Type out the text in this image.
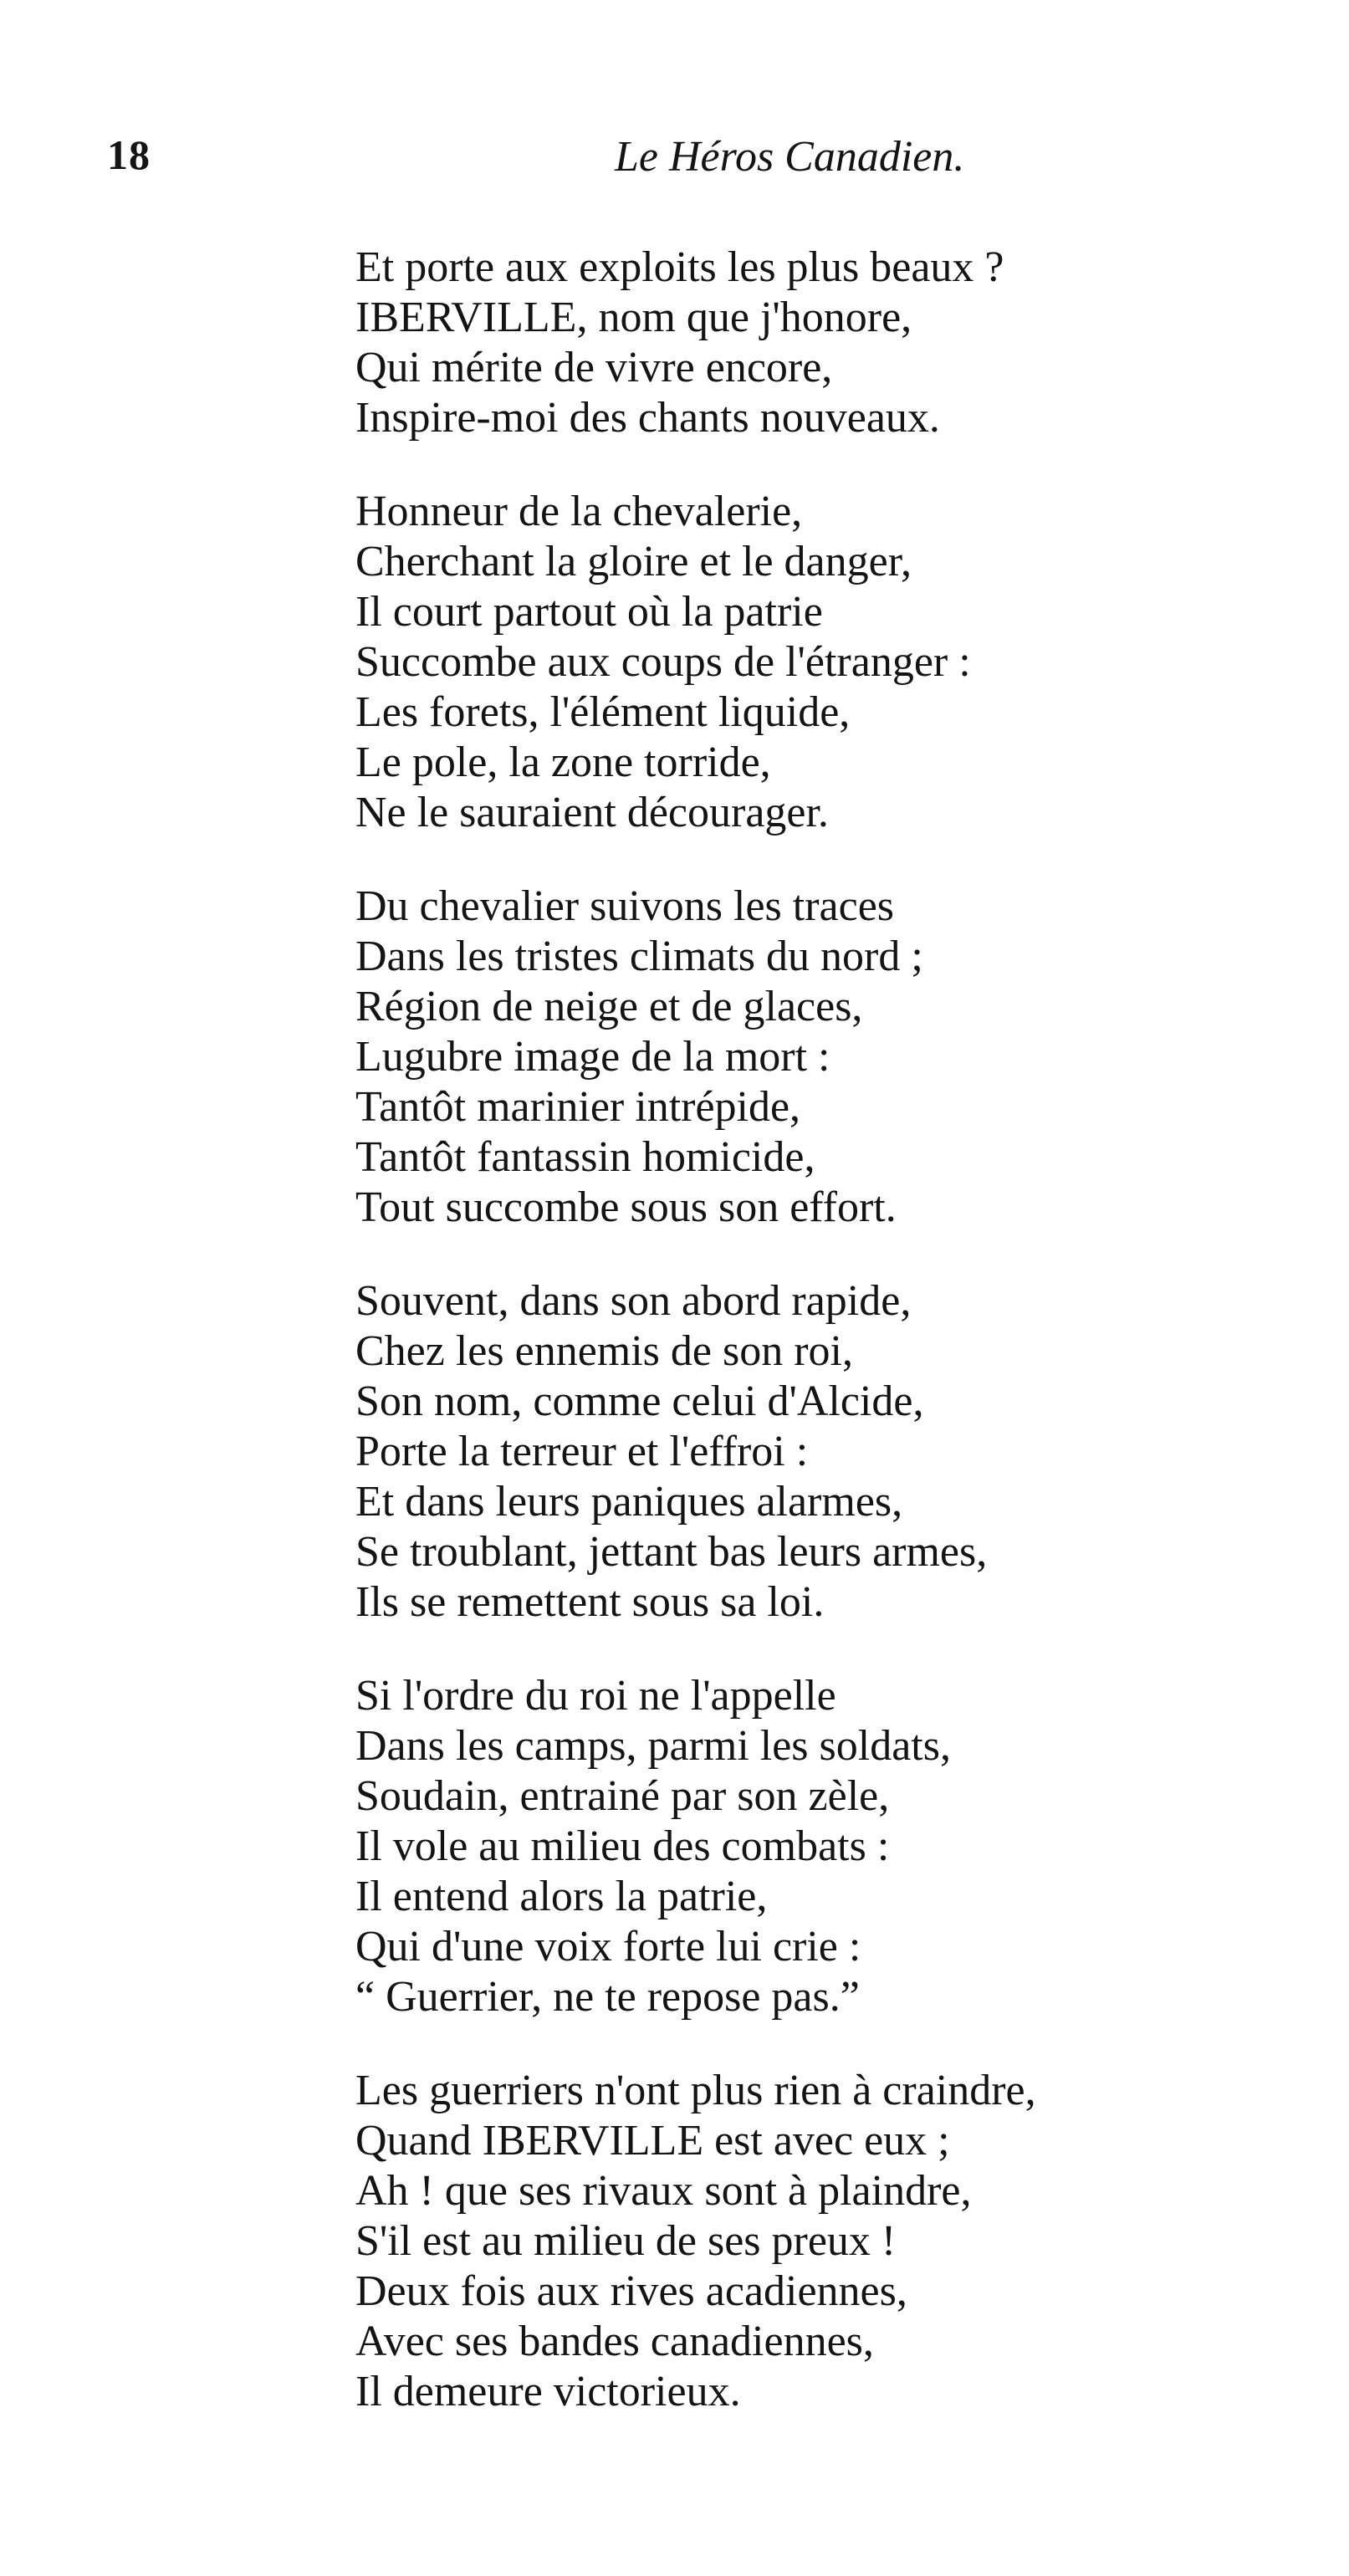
18	Le Héros Canadien.
Et porte aux exploits les plus beaux ?
IBERVILLE, nom que j'honore,
Qui mérite de vivre encore,
Inspire-moi des chants nouveaux.
Honneur de la chevalerie,
Cherchant la gloire et le danger,
Il court partout où la patrie
Succombe aux coups de l'étranger :
Les forets, l'élément liquide,
Le pole, la zone torride,
Ne le sauraient décourager.
Du chevalier suivons les traces
Dans les tristes climats du nord ;
Région de neige et de glaces,
Lugubre image de la mort :
Tantôt marinier intrépide,
Tantôt fantassin homicide,
Tout succombe sous son effort.
Souvent, dans son abord rapide,
Chez les ennemis de son roi,
Son nom, comme celui d'Alcide,
Porte la terreur et l'effroi :
Et dans leurs paniques alarmes,
Se troublant, jettant bas leurs armes,
Ils se remettent sous sa loi.
Si l'ordre du roi ne l'appelle
Dans les camps, parmi les soldats,
Soudain, entrainé par son zèle,
Il vole au milieu des combats :
Il entend alors la patrie,
Qui d'une voix forte lui crie :
“ Guerrier, ne te repose pas.”
Les guerriers n'ont plus rien à craindre,
Quand IBERVILLE est avec eux ;
Ah ! que ses rivaux sont à plaindre,
S'il est au milieu de ses preux !
Deux fois aux rives acadiennes,
Avec ses bandes canadiennes,
Il demeure victorieux.
